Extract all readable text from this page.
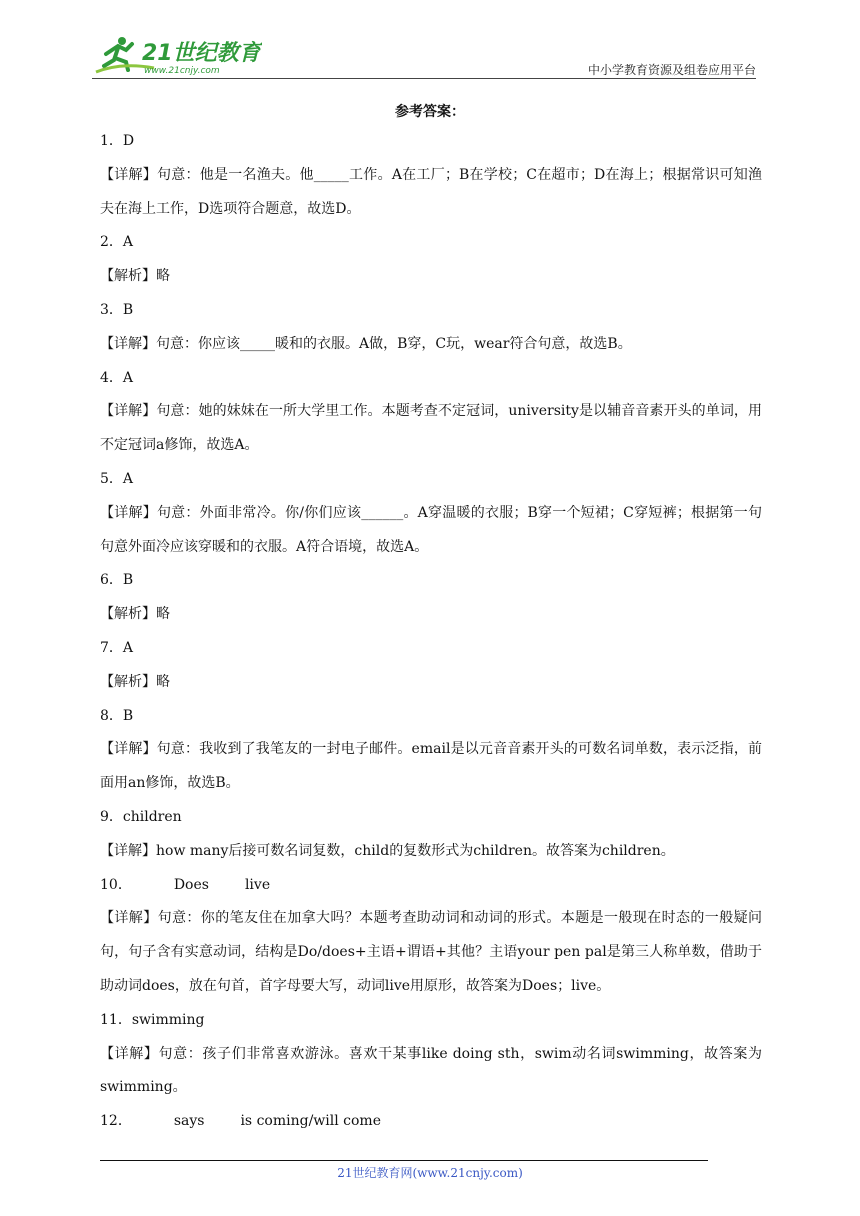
21世纪教育
www.21cnjy.com	中小学教育资源及组卷应用平台
参考答案：
1．D
【详解】句意：他是一名渔夫。他_____工作。A在工厂；B在学校；C在超市；D在海上；根据常识可知渔夫在海上工作，D选项符合题意，故选D。
2．A
【解析】略
3．B
【详解】句意：你应该_____暖和的衣服。A做，B穿，C玩，wear符合句意，故选B。
4．A
【详解】句意：她的妹妹在一所大学里工作。本题考查不定冠词，university是以辅音音素开头的单词，用不定冠词a修饰，故选A。
5．A
【详解】句意：外面非常冷。你/你们应该______。A穿温暖的衣服；B穿一个短裙；C穿短裤；根据第一句句意外面冷应该穿暖和的衣服。A符合语境，故选A。
6．B
【解析】略
7．A
【解析】略
8．B
【详解】句意：我收到了我笔友的一封电子邮件。email是以元音音素开头的可数名词单数，表示泛指，前面用an修饰，故选B。
9．children
【详解】how many后接可数名词复数，child的复数形式为children。故答案为children。
10．	Does	live
【详解】句意：你的笔友住在加拿大吗？本题考查助动词和动词的形式。本题是一般现在时态的一般疑问句，句子含有实意动词，结构是Do/does+主语+谓语+其他？主语your pen pal是第三人称单数，借助于助动词does，放在句首，首字母要大写，动词live用原形，故答案为Does；live。
11．swimming
【详解】句意：孩子们非常喜欢游泳。喜欢干某事like doing sth，swim动名词swimming，故答案为swimming。
12．	says	is coming/will come
21世纪教育网(www.21cnjy.com)
